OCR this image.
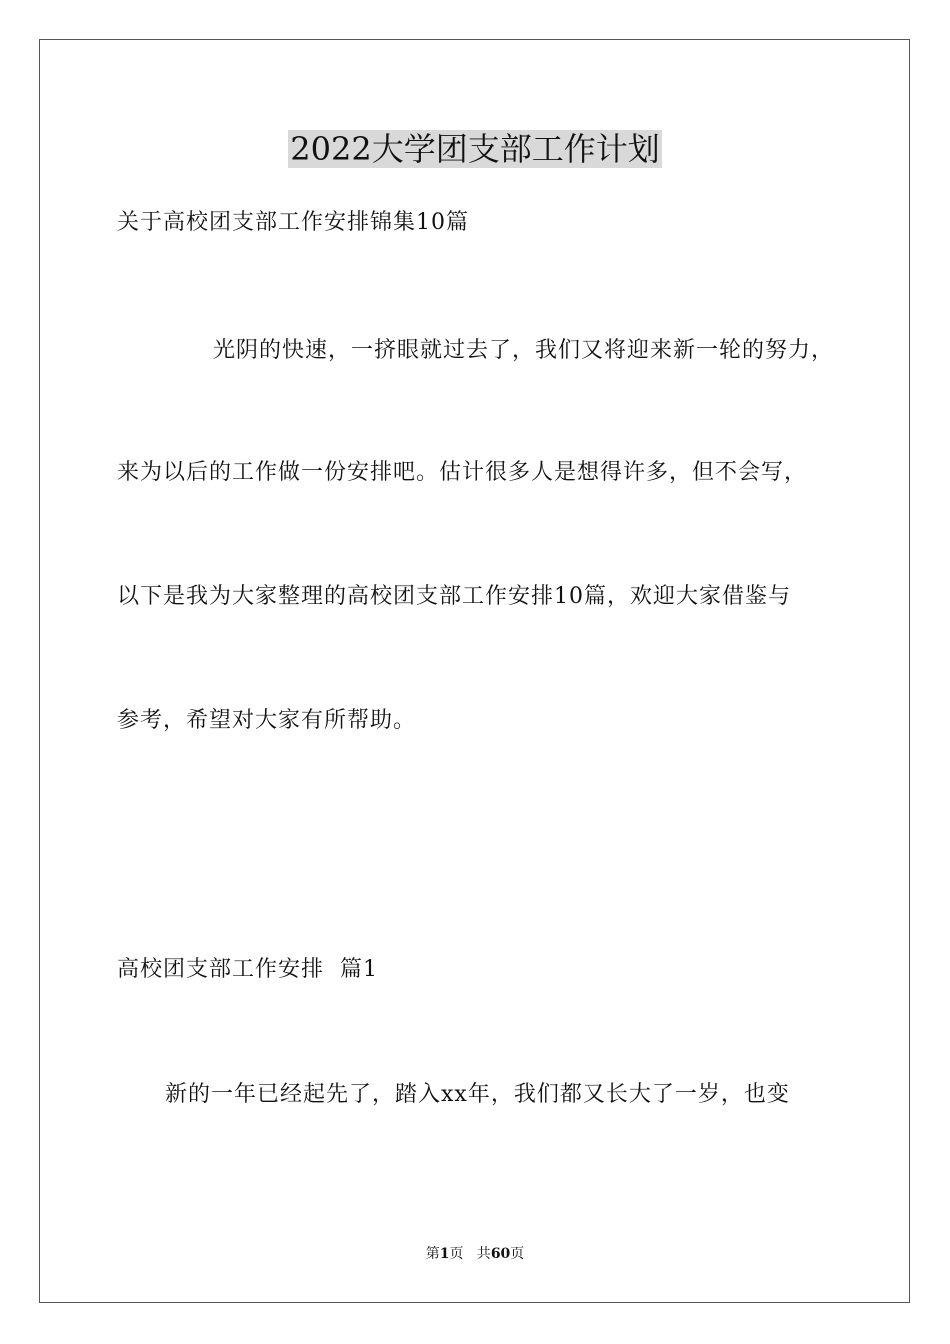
2022大学团支部工作计划
关于高校团支部工作安排锦集10篇
光阴的快速，一挤眼就过去了，我们又将迎来新一轮的努力，
来为以后的工作做一份安排吧。估计很多人是想得许多，但不会写，
以下是我为大家整理的高校团支部工作安排10篇，欢迎大家借鉴与
参考，希望对大家有所帮助。
高校团支部工作安排  篇1
新的一年已经起先了，踏入xx年，我们都又长大了一岁，也变
第1页   共60页
